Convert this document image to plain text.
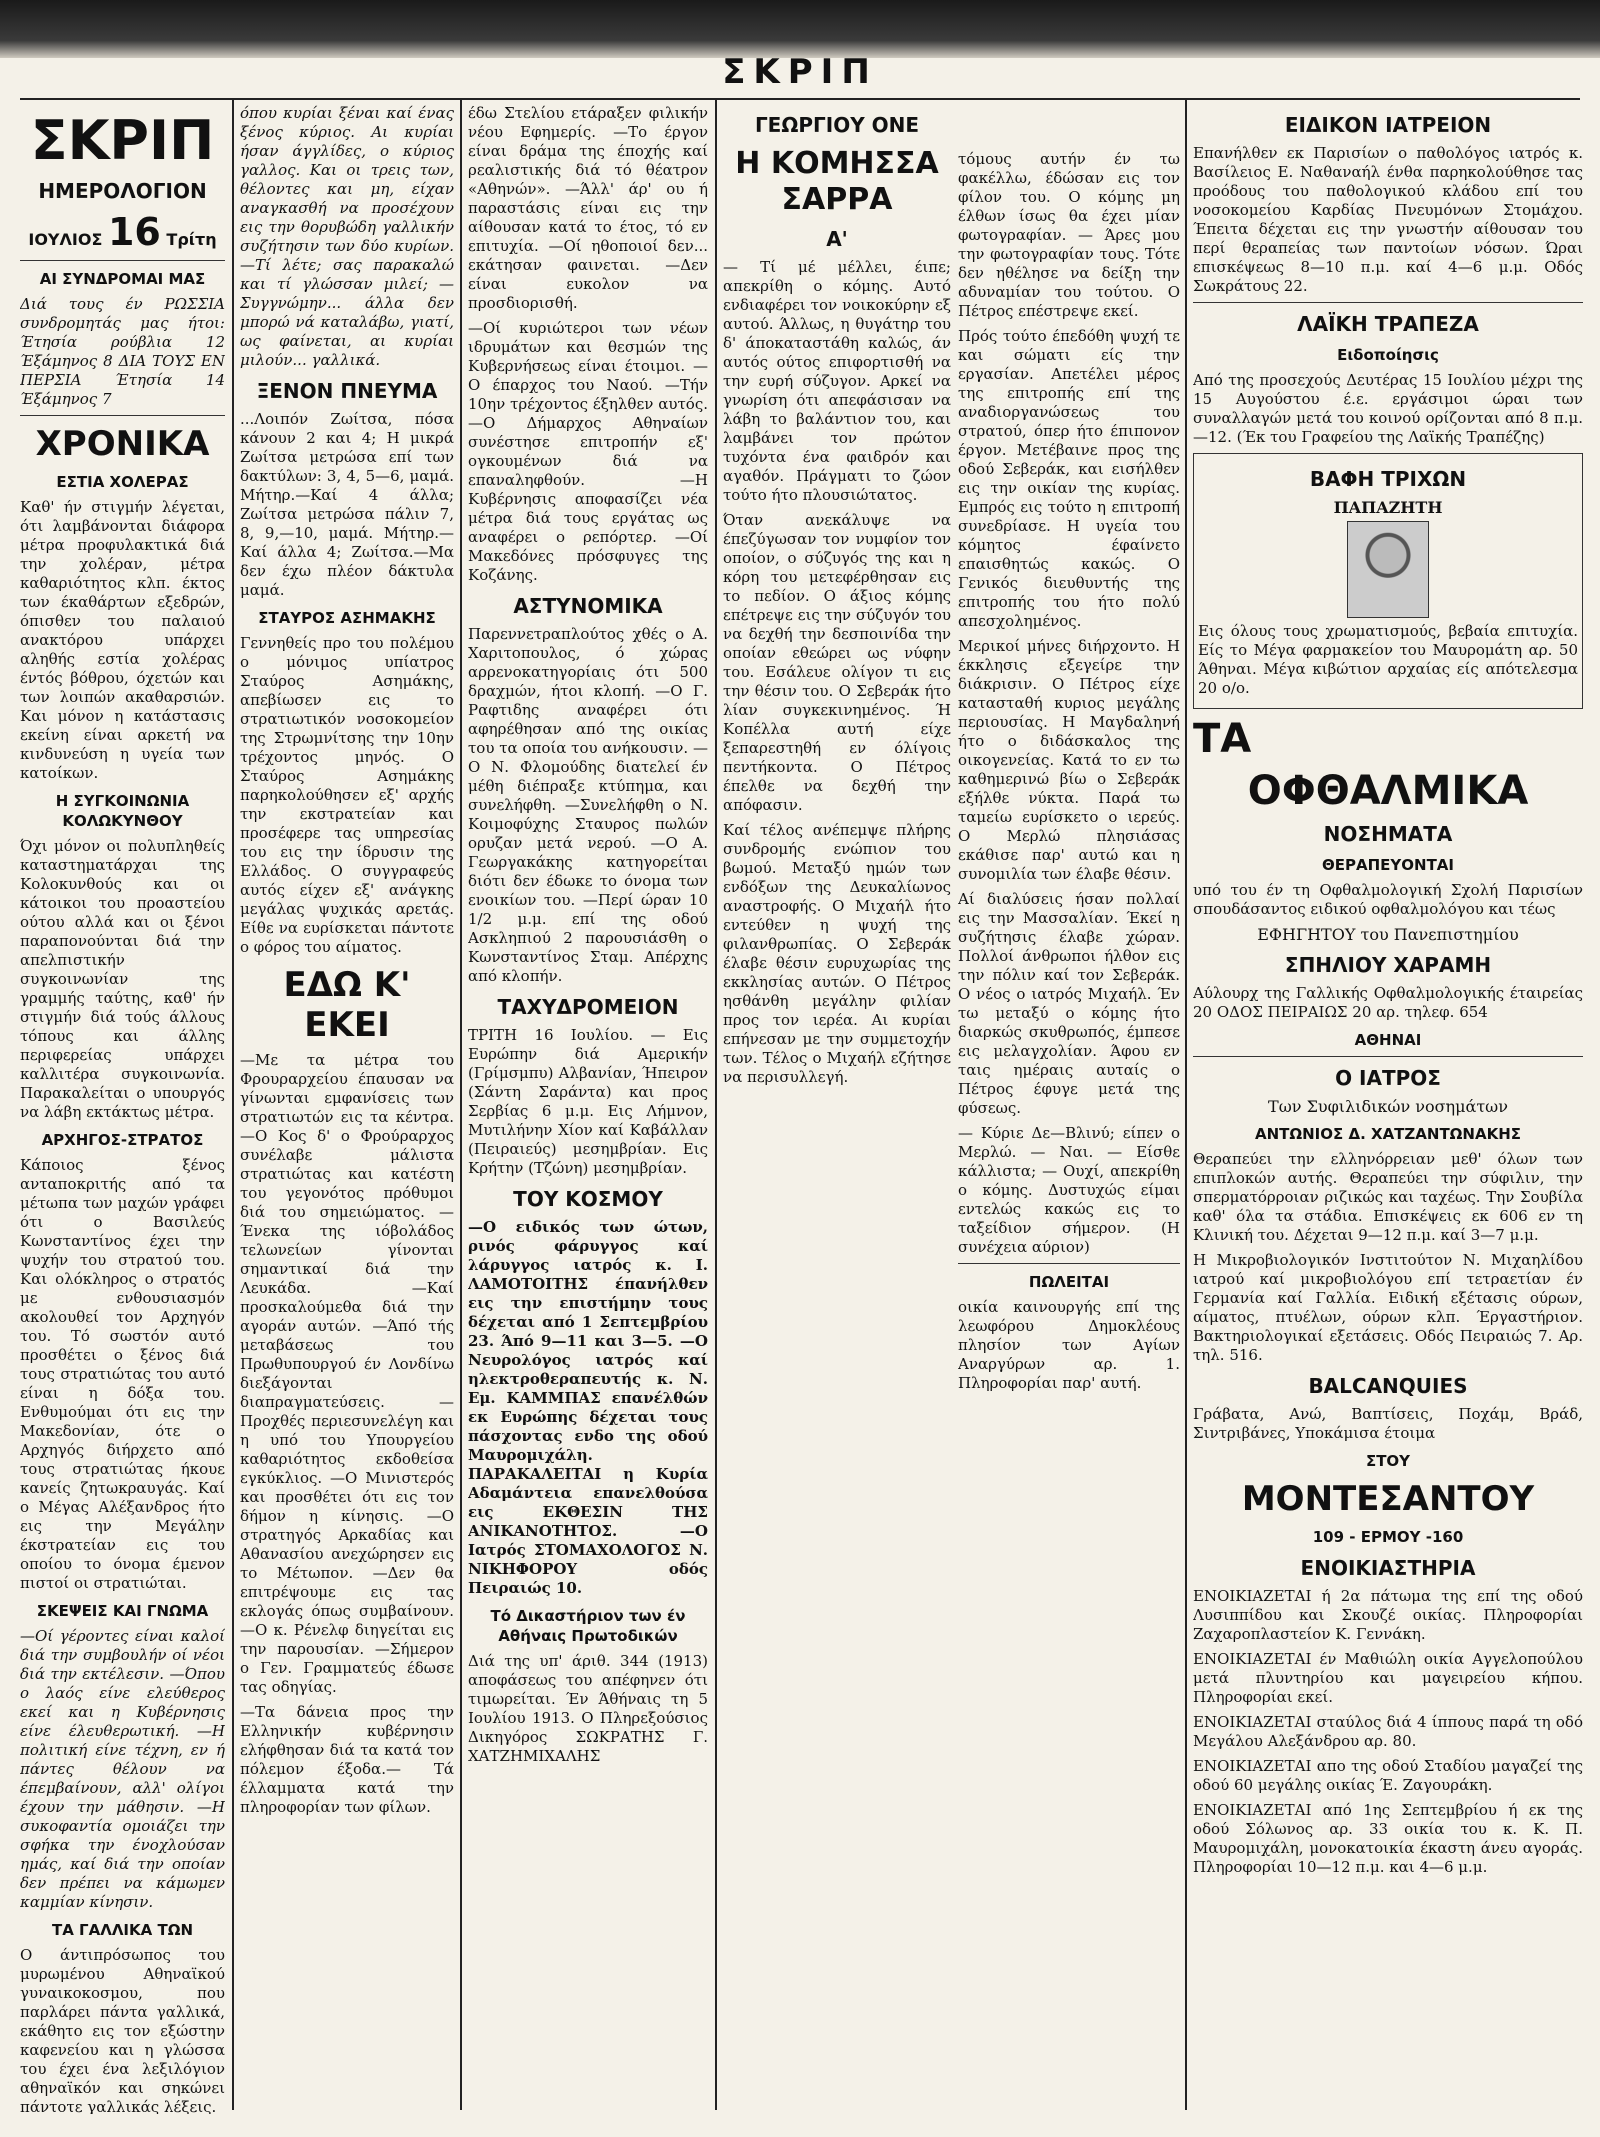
ΣΚΡΙΠ
ΣΚΡΙΠ
ΗΜΕΡΟΛΟΓΙΟΝ
ΙΟΥΛΙΟΣ 16 Τρίτη
ΑΙ ΣΥΝΔΡΟΜΑΙ ΜΑΣ

Διά τους έν ΡΩΣΣΙΑ συνδρομητάς μας ήτοι: Έτησία ρούβλια 12 Έξάμηνος 8 ΔΙΑ ΤΟΥΣ ΕΝ ΠΕΡΣΙΑ Έτησία 14 Έξάμηνος 7

ΧΡΟΝΙΚΑ
ΕΣΤΙΑ ΧΟΛΕΡΑΣ

Καθ' ήν στιγμήν λέγεται, ότι λαμβάνονται διάφορα μέτρα προφυλακτικά διά την χολέραν, μέτρα καθαριότητος κλπ. έκτος των έκαθάρτων εξεδρών, όπισθεν του παλαιού ανακτόρου υπάρχει αληθής εστία χολέρας έντός βόθρου, όχετών και των λοιπών ακαθαρσιών. Και μόνον η κατάστασις εκείνη είναι αρκετή να κινδυνεύση η υγεία των κατοίκων.

Η ΣΥΓΚΟΙΝΩΝΙΑ ΚΟΛΩΚΥΝΘΟΥ

Όχι μόνον οι πολυπληθείς καταστηματάρχαι της Κολοκυνθούς και οι κάτοικοι του προαστείου ούτου αλλά και οι ξένοι παραπονούνται διά την απελπιστικήν συγκοινωνίαν της γραμμής ταύτης, καθ' ήν στιγμήν διά τούς άλλους τόπους και άλλης περιφερείας υπάρχει καλλιτέρα συγκοινωνία. Παρακαλείται ο υπουργός να λάβη εκτάκτως μέτρα.

ΑΡΧΗΓΟΣ-ΣΤΡΑΤΟΣ

Κάποιος ξένος ανταποκριτής από τα μέτωπα των μαχών γράφει ότι ο Βασιλεύς Κωνσταντίνος έχει την ψυχήν του στρατού του. Και ολόκληρος ο στρατός με ενθουσιασμόν ακολουθεί τον Αρχηγόν του. Τό σωστόν αυτό προσθέτει ο ξένος διά τους στρατιώτας του αυτό είναι η δόξα του. Ενθυμούμαι ότι εις την Μακεδονίαν, ότε ο Αρχηγός διήρχετο από τους στρατιώτας ήκουε κανείς ζητωκραυγάς. Καί ο Μέγας Αλέξανδρος ήτο εις την Μεγάλην έκστρατείαν εις του οποίου το όνομα έμενον πιστοί οι στρατιώται.

ΣΚΕΨΕΙΣ ΚΑΙ ΓΝΩΜΑ

—Οί γέροντες είναι καλοί διά την συμβουλήν οί νέοι διά την εκτέλεσιν. —Όπου ο λαός είνε ελεύθερος εκεί και η Κυβέρνησις είνε έλευθερωτική. —Η πολιτική είνε τέχνη, εν ή πάντες θέλουν να έπεμβαίνουν, αλλ' ολίγοι έχουν την μάθησιν. —Η συκοφαντία ομοιάζει την σφήκα την ένοχλούσαν ημάς, καί διά την οποίαν δεν πρέπει να κάμωμεν καμμίαν κίνησιν.

ΤΑ ΓΑΛΛΙΚΑ ΤΩΝ

Ο άντιπρόσωπος του μυρωμένου Αθηναϊκού γυναικοκοσμου, που παρλάρει πάντα γαλλικά, εκάθητο εις τον εξώστην καφενείου και η γλώσσα του έχει ένα λεξιλόγιον αθηναϊκόν και σηκώνει πάντοτε γαλλικάς λέξεις.

όπου κυρίαι ξέναι καί ένας ξένος κύριος. Αι κυρίαι ήσαν άγγλίδες, ο κύριος γαλλος. Και οι τρεις των, θέλοντες και μη, είχαν αναγκασθή να προσέχουν εις την θορυβώδη γαλλικήν συζήτησιν των δύο κυρίων. —Τί λέτε; σας παρακαλώ και τί γλώσσαν μιλεί; —Συγγνώμην... άλλα δεν μπορώ νά καταλάβω, γιατί, ως φαίνεται, αι κυρίαι μιλούν... γαλλικά.

ΞΕΝΟΝ ΠΝΕΥΜΑ

...Λοιπόν Ζωίτσα, πόσα κάνουν 2 και 4; Η μικρά Ζωίτσα μετρώσα επί των δακτύλων: 3, 4, 5—6, μαμά. Μήτηρ.—Καί 4 άλλα; Ζωίτσα μετρώσα πάλιν 7, 8, 9,—10, μαμά. Μήτηρ.—Καί άλλα 4; Ζωίτσα.—Μα δεν έχω πλέον δάκτυλα μαμά.

ΣΤΑΥΡΟΣ ΑΣΗΜΑΚΗΣ

Γεννηθείς προ του πολέμου ο μόνιμος υπίατρος Σταύρος Ασημάκης, απεβίωσεν εις το στρατιωτικόν νοσοκομείον της Στρωμνίτσης την 10ην τρέχοντος μηνός. Ο Σταύρος Ασημάκης παρηκολούθησεν εξ' αρχής την εκστρατείαν και προσέφερε τας υπηρεσίας του εις την ίδρυσιν της Ελλάδος. Ο συγγραφεύς αυτός είχεν εξ' ανάγκης μεγάλας ψυχικάς αρετάς. Είθε να ευρίσκεται πάντοτε ο φόρος του αίματος.

ΕΔΩ Κ' ΕΚΕΙ

—Με τα μέτρα του Φρουραρχείου έπαυσαν να γίνωνται εμφανίσεις των στρατιωτών εις τα κέντρα. —Ο Κος δ' ο Φρούραρχος συνέλαβε μάλιστα στρατιώτας και κατέστη του γεγονότος πρόθυμοι διά του σημειώματος. —Ένεκα της ιόβολάδος τελωνείων γίνονται σημαντικαί διά την Λευκάδα. —Καί προσκαλούμεθα διά την αγοράν αυτών. —Άπό τής μεταβάσεως του Πρωθυπουργού έν Λονδίνω διεξάγονται διαπραγματεύσεις. —Προχθές περιεσυνελέγη και η υπό του Υπουργείου καθαριότητος εκδοθείσα εγκύκλιος. —Ο Μινιστερός και προσθέτει ότι εις τον δήμον η κίνησις. —Ο στρατηγός Αρκαδίας και Αθανασίου ανεχώρησεν εις το Μέτωπον. —Δεν θα επιτρέψουμε εις τας εκλογάς όπως συμβαίνουν. —Ο κ. Ρένελφ διηγείται εις την παρουσίαν. —Σήμερον ο Γεν. Γραμματεύς έδωσε τας οδηγίας.

—Τα δάνεια προς την Ελληνικήν κυβέρνησιν ελήφθησαν διά τα κατά τον πόλεμον έξοδα.— Τά έλλαμματα κατά την πληροφορίαν των φίλων.

έδω Στελίου ετάραξεν φιλικήν νέου Εφημερίς. —Το έργον είναι δράμα της έποχής καί ρεαλιστικής διά τό θέατρον «Αθηνών». —Άλλ' άρ' ου ή παραστάσις είναι εις την αίθουσαν κατά το έτος, τό εν επιτυχία. —Οί ηθοποιοί δεν... εκάτησαν φαινεται. —Δεν είναι ευκολον να προσδιορισθή.

—Οί κυριώτεροι των νέων ιδρυμάτων και θεσμών της Κυβερνήσεως είναι έτοιμοι. —Ο έπαρχος του Ναού. —Τήν 10ην τρέχοντος έξηλθεν αυτός. —Ο Δήμαρχος Αθηναίων συνέστησε επιτροπήν εξ' ογκουμένων διά να επαναληφθούν. —Η Κυβέρνησις αποφασίζει νέα μέτρα διά τους εργάτας ως αναφέρει ο ρεπόρτερ. —Οί Μακεδόνες πρόσφυγες της Κοζάνης.

ΑΣΤΥΝΟΜΙΚΑ

Παρεννετραπλούτος χθές ο Α. Χαριτοπουλος, ό χώρας αρρενοκατηγορίαις ότι 500 δραχμών, ήτοι κλοπή. —Ο Γ. Ραφτιδης αναφέρει ότι αφηρέθησαν από της οικίας του τα οποία του ανήκουσιν. —Ο Ν. Φλομούδης διατελεί έν μέθη διέπραξε κτύπημα, και συνελήφθη. —Συνελήφθη ο Ν. Κοιμοφύχης Σταυρος πωλών ορυζαν μετά νερού. —Ο Α. Γεωργακάκης κατηγορείται διότι δεν έδωκε το όνομα των ενοικίων του. —Περί ώραν 10 1/2 μ.μ. επί της οδού Ασκληπιού 2 παρουσιάσθη ο Κωνσταντίνος Σταμ. Απέρχης από κλοπήν.

ΤΑΧΥΔΡΟΜΕΙΟΝ

ΤΡΙΤΗ 16 Ιουλίου. — Εις Ευρώπην διά Αμερικήν (Γρίμσμπυ) Αλβανίαν, Ήπειρον (Σάντη Σαράντα) και προς Σερβίας 6 μ.μ. Εις Λήμνον, Μυτιλήνην Χίον καί Καβάλλαν (Πειραιεύς) μεσημβρίαν. Εις Κρήτην (Τζώνη) μεσημβρίαν.

ΤΟΥ ΚΟΣΜΟΥ

—Ο ειδικός των ώτων, ρινός φάρυγγος καί λάρυγγος ιατρός κ. Ι. ΛΑΜΟΤΟΙΤΗΣ έπανήλθεν εις την επιστήμην τους δέχεται από 1 Σεπτεμβρίου 23. Άπό 9—11 και 3—5. —Ο Νευρολόγος ιατρός καί ηλεκτροθεραπευτής κ. Ν. Εμ. ΚΑΜΜΠΑΣ επανέλθών εκ Ευρώπης δέχεται τους πάσχοντας ενδο της οδού Μαυρομιχάλη. ΠΑΡΑΚΑΛΕΙΤΑΙ η Κυρία Αδαμάντεια επανελθούσα εις ΕΚΘΕΣΙΝ ΤΗΣ ΑΝΙΚΑΝΟΤΗΤΟΣ. —Ο Ιατρός ΣΤΟΜΑΧΟΛΟΓΟΣ Ν. ΝΙΚΗΦΟΡΟΥ οδός Πειραιώς 10.

Τό Δικαστήριον των έν Αθήναις Πρωτοδικών

Διά της υπ' άριθ. 344 (1913) αποφάσεως του απέφηνεν ότι τιμωρείται. Έν Άθήναις τη 5 Ιουλίου 1913. Ο Πληρεξούσιος Δικηγόρος ΣΩΚΡΑΤΗΣ Γ. ΧΑΤΖΗΜΙΧΑΛΗΣ

ΓΕΩΡΓΙΟΥ ΟΝΕ
Η ΚΟΜΗΣΣΑ ΣΑΡΡΑ
Α'

— Τί μέ μέλλει, έιπε; απεκρίθη ο κόμης. Αυτό ενδιαφέρει τον νοικοκύρην εξ αυτού. Άλλως, η θυγάτηρ του δ' άποκαταστάθη καλώς, άν αυτός ούτος επιφορτισθή να την ευρή σύζυγον. Αρκεί να γνωρίση ότι απεφάσισαν να λάβη το βαλάντιον του, και λαμβάνει τον πρώτον τυχόντα ένα φαιδρόν και αγαθόν. Πράγματι το ζώον τούτο ήτο πλουσιώτατος.

Όταν ανεκάλυψε να έπεζύγωσαν τον νυμφίον τον οποίον, ο σύζυγός της και η κόρη του μετεφέρθησαν εις το πεδίον. Ο άξιος κόμης επέτρεψε εις την σύζυγόν του να δεχθή την δεσποινίδα την οποίαν εθεώρει ως νύφην του. Εσάλευε ολίγον τι εις την θέσιν του. Ο Σεβεράκ ήτο λίαν συγκεκινημένος. Ή Κοπέλλα αυτή είχε ξεπαρεστηθή εν όλίγοις πεντήκοντα. Ο Πέτρος έπελθε να δεχθή την απόφασιν.

Καί τέλος ανέπεμψε πλήρης συνδρομής ενώπιον του βωμού. Μεταξύ ημών των ενδόξων της Δευκαλίωνος αναστροφής. Ο Μιχαήλ ήτο εντεύθεν η ψυχή της φιλανθρωπίας. Ο Σεβεράκ έλαβε θέσιν ευρυχωρίας της εκκλησίας αυτών. Ο Πέτρος ησθάνθη μεγάλην φιλίαν προς τον ιερέα. Αι κυρίαι επήνεσαν με την συμμετοχήν των. Τέλος ο Μιχαήλ εζήτησε να περισυλλεγή.

τόμους αυτήν έν τω φακέλλω, έδώσαν εις τον φίλον του. Ο κόμης μη έλθων ίσως θα έχει μίαν φωτογραφίαν. — Άρες μου την φωτογραφίαν τους. Τότε δεν ηθέλησε να δείξη την αδυναμίαν του τούτου. Ο Πέτρος επέστρεψε εκεί.

Πρός τούτο έπεδόθη ψυχή τε και σώματι είς την εργασίαν. Απετέλει μέρος της επιτροπής επί της αναδιοργανώσεως του στρατού, όπερ ήτο έπιπονον έργον. Μετέβαινε προς της οδού Σεβεράκ, και εισήλθεν εις την οικίαν της κυρίας. Εμπρός εις τούτο η επιτροπή συνεδρίασε. Η υγεία του κόμητος έφαίνετο επαισθητώς κακώς. Ο Γενικός διευθυντής της επιτροπής του ήτο πολύ απεσχολημένος.

Μερικοί μήνες διήρχοντο. Η έκκλησις εξεγείρε την διάκρισιν. Ο Πέτρος είχε κατασταθή κυριος μεγάλης περιουσίας. Η Μαγδαληνή ήτο ο διδάσκαλος της οικογενείας. Κατά το εν τω καθημερινώ βίω ο Σεβεράκ εξήλθε νύκτα. Παρά τω ταμείω ευρίσκετο ο ιερεύς. Ο Μερλώ πλησιάσας εκάθισε παρ' αυτώ και η συνομιλία των έλαβε θέσιν.

Αί διαλύσεις ήσαν πολλαί εις την Μασσαλίαν. Έκεί η συζήτησις έλαβε χώραν. Πολλοί άνθρωποι ήλθον εις την πόλιν καί τον Σεβεράκ. Ο νέος ο ιατρός Μιχαήλ. Έν τω μεταξύ ο κόμης ήτο διαρκώς σκυθρωπός, έμπεσε εις μελαγχολίαν. Άφου εν ταις ημέραις αυταίς ο Πέτρος έφυγε μετά της φύσεως.

— Κύριε Δε—Βλινύ; είπεν ο Μερλώ. — Ναι. — Είσθε κάλλιστα; — Ουχί, απεκρίθη ο κόμης. Δυστυχώς είμαι εντελώς κακώς εις το ταξείδιον σήμερον. (Η συνέχεια αύριον)

ΠΩΛΕΙΤΑΙ

οικία καινουργής επί της λεωφόρου Δημοκλέους πλησίον των Αγίων Αναργύρων αρ. 1. Πληροφορίαι παρ' αυτή.

ΕΙΔΙΚΟΝ ΙΑΤΡΕΙΟΝ

Επανήλθεν εκ Παρισίων ο παθολόγος ιατρός κ. Βασίλειος Ε. Ναθαναήλ ένθα παρηκολούθησε τας προόδους του παθολογικού κλάδου επί του νοσοκομείου Καρδίας Πνευμόνων Στομάχου. Έπειτα δέχεται εις την γνωστήν αίθουσαν του περί θεραπείας των παντοίων νόσων. Ώραι επισκέψεως 8—10 π.μ. καί 4—6 μ.μ. Οδός Σωκράτους 22.

ΛΑΪΚΗ ΤΡΑΠΕΖΑ
Ειδοποίησις

Από της προσεχούς Δευτέρας 15 Ιουλίου μέχρι της 15 Αυγούστου έ.ε. εργάσιμοι ώραι των συναλλαγών μετά του κοινού ορίζονται από 8 π.μ.—12. (Έκ του Γραφείου της Λαϊκής Τραπέζης)

ΒΑΦΗ ΤΡΙΧΩΝ
ΠΑΠΑΖΗΤΗ

Εις όλους τους χρωματισμούς, βεβαία επιτυχία. Είς το Μέγα φαρμακείον του Μαυρομάτη αρ. 50 Άθηναι. Μέγα κιβώτιον αρχαίας είς απότελεσμα 20 ο/ο.

ΤΑ
ΟΦΘΑΛΜΙΚΑ
ΝΟΣΗΜΑΤΑ
ΘΕΡΑΠΕΥΟΝΤΑΙ

υπό του έν τη Οφθαλμολογική Σχολή Παρισίων σπουδάσαντος ειδικού οφθαλμολόγου και τέως

ΕΦΗΓΗΤΟΥ του Πανεπιστημίου
ΣΠΗΛΙΟΥ ΧΑΡΑΜΗ

Αύλουρχ της Γαλλικής Οφθαλμολογικής έταιρείας 20 ΟΔΟΣ ΠΕΙΡΑΙΩΣ 20 αρ. τηλεφ. 654

ΑΘΗΝΑΙ
Ο ΙΑΤΡΟΣ
Των Συφιλιδικών νοσημάτων
ΑΝΤΩΝΙΟΣ Δ. ΧΑΤΖΑΝΤΩΝΑΚΗΣ

Θεραπεύει την ελληνόρρειαν μεθ' όλων των επιπλοκών αυτής. Θεραπεύει την σύφιλιν, την σπερματόρροιαν ριζικώς και ταχέως. Την Σουβίλα καθ' όλα τα στάδια. Επισκέψεις εκ 606 εν τη Κλινική του. Δέχεται 9—12 π.μ. καί 3—7 μ.μ.

Η Μικροβιολογικόν Ινστιτούτον Ν. Μιχαηλίδου ιατρού καί μικροβιολόγου επί τετραετίαν έν Γερμανία καί Γαλλία. Ειδική εξέτασις ούρων, αίματος, πτυέλων, ούρων κλπ. Έργαστήριον. Βακτηριολογικαί εξετάσεις. Οδός Πειραιώς 7. Αρ. τηλ. 516.

BALCANQUIES

Γράβατα, Ανώ, Βαπτίσεις, Ποχάμ, Βράδ, Σιντριβάνες, Υποκάμισα έτοιμα

ΣΤΟΥ
ΜΟΝΤΕΣΑΝΤΟΥ
109 - ΕΡΜΟΥ -160
ΕΝΟΙΚΙΑΣΤΗΡΙΑ

ΕΝΟΙΚΙΑΖΕΤΑΙ ή 2α πάτωμα της επί της οδού Λυσιππίδου και Σκουζέ οικίας. Πληροφορίαι Ζαχαροπλαστείον Κ. Γεννάκη.

ΕΝΟΙΚΙΑΖΕΤΑΙ έν Μαθιώλη οικία Αγγελοπούλου μετά πλυντηρίου και μαγειρείου κήπου. Πληροφορίαι εκεί.

ΕΝΟΙΚΙΑΖΕΤΑΙ σταύλος διά 4 ίππους παρά τη οδό Μεγάλου Αλεξάνδρου αρ. 80.

ΕΝΟΙΚΙΑΖΕΤΑΙ απο της οδού Σταδίου μαγαζεί της οδού 60 μεγάλης οικίας Έ. Ζαγουράκη.

ΕΝΟΙΚΙΑΖΕΤΑΙ από 1ης Σεπτεμβρίου ή εκ της οδού Σόλωνος αρ. 33 οικία του κ. Κ. Π. Μαυρομιχάλη, μονοκατοικία έκαστη άνευ αγοράς. Πληροφορίαι 10—12 π.μ. και 4—6 μ.μ.
